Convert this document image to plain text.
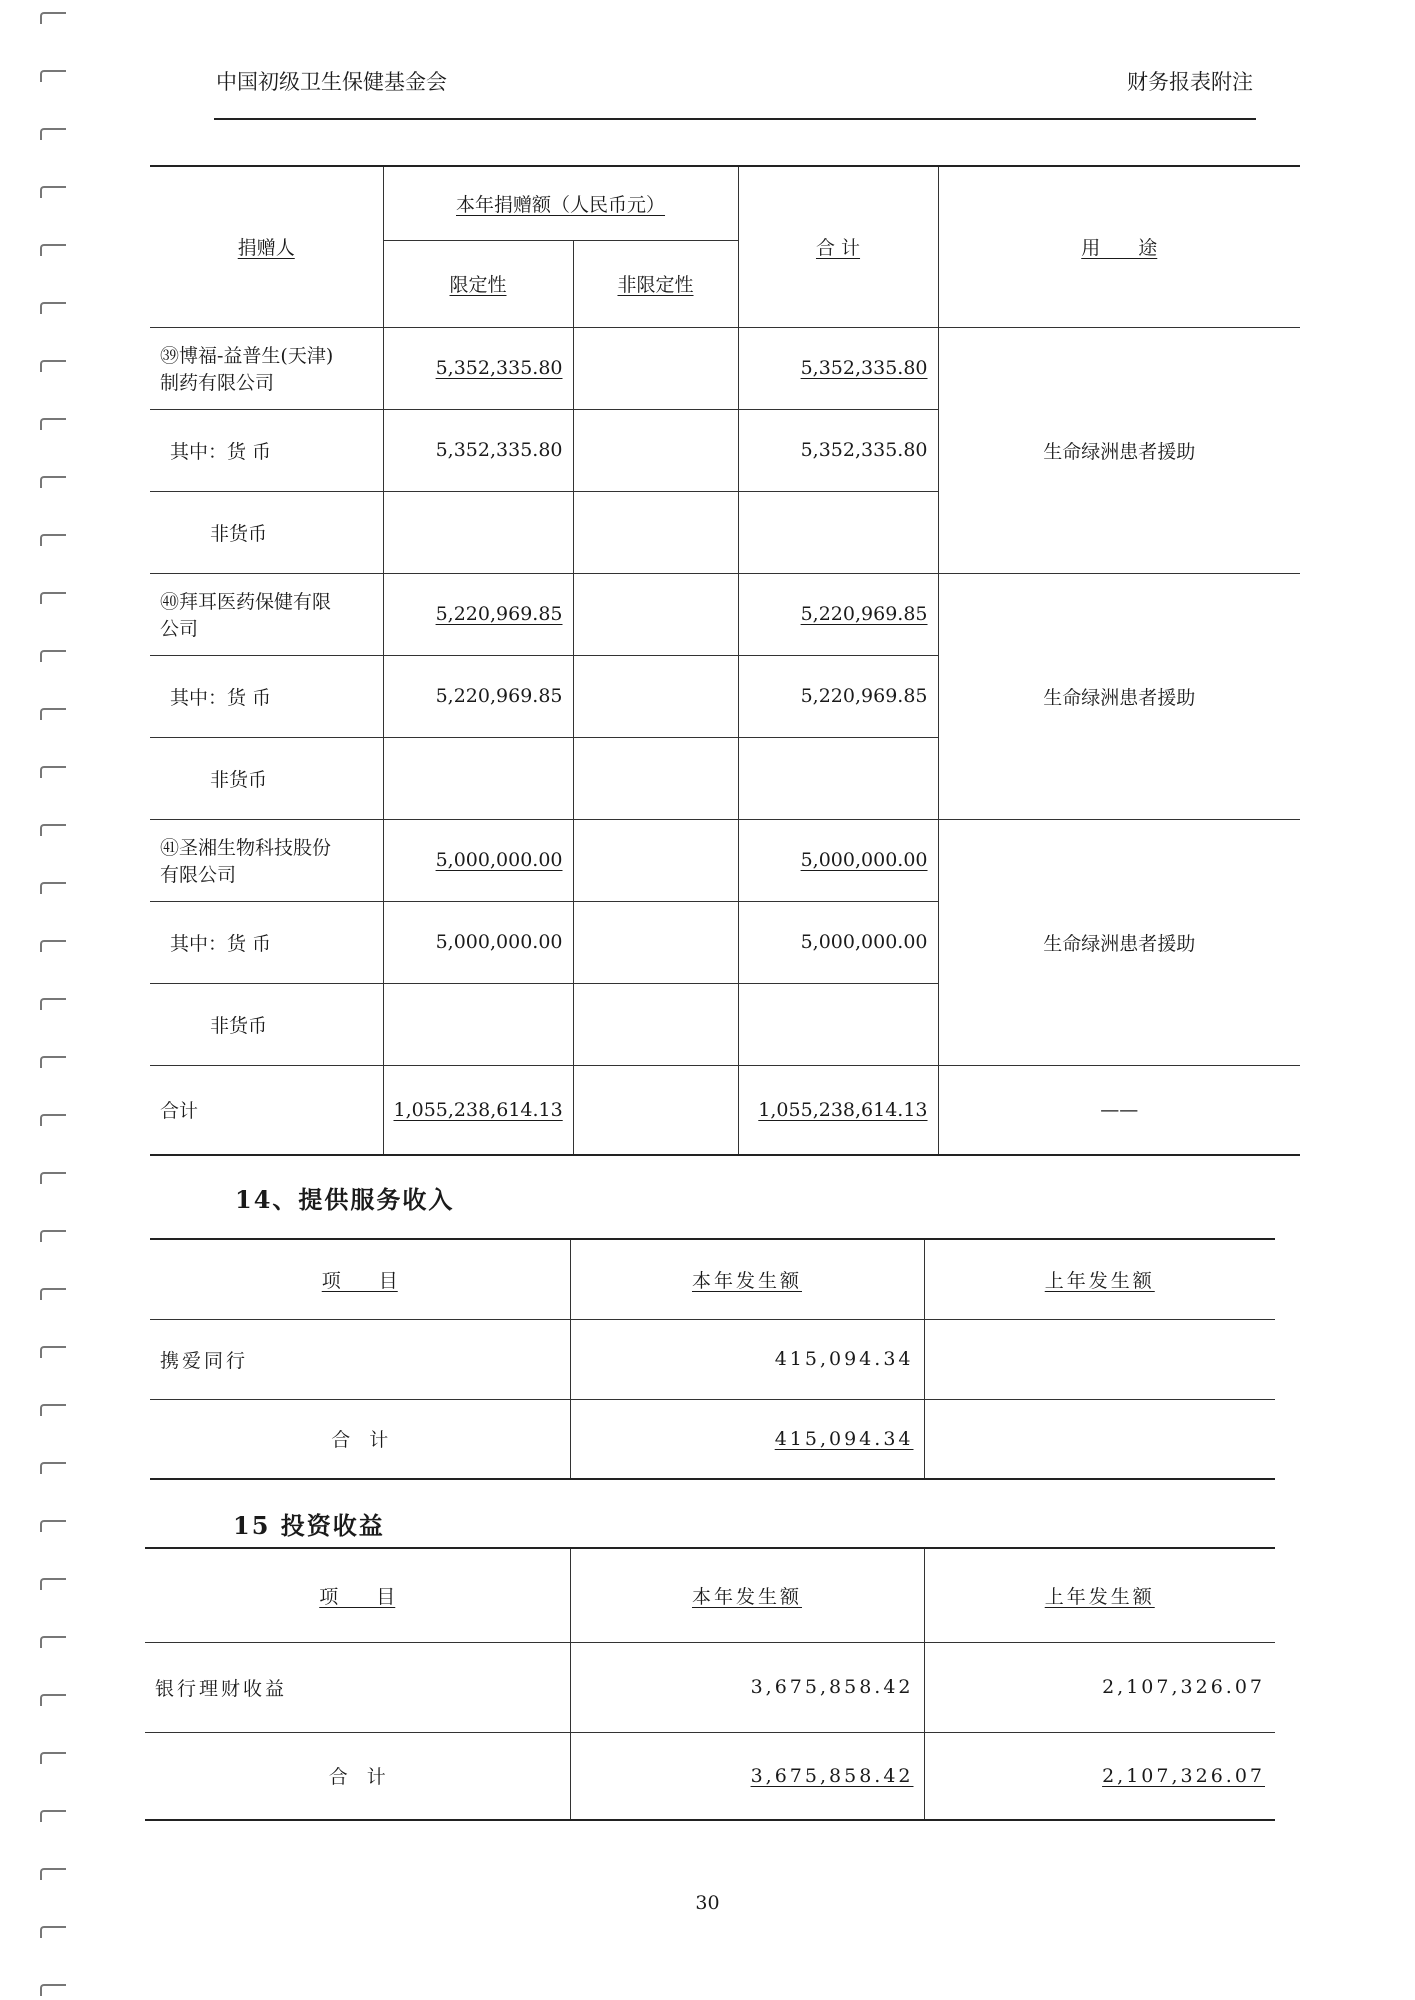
中国初级卫生保健基金会	财务报表附注
捐赠人	本年捐赠额（人民币元）		合 计	用　　途
	限定性	非限定性		
㊴博福-益普生(天津)
制药有限公司	5,352,335.80		5,352,335.80	生命绿洲患者援助
其中：货 币	5,352,335.80		5,352,335.80	
非货币				
㊵拜耳医药保健有限
公司	5,220,969.85		5,220,969.85	生命绿洲患者援助
其中：货 币	5,220,969.85		5,220,969.85	
非货币				
㊶圣湘生物科技股份
有限公司	5,000,000.00		5,000,000.00	生命绿洲患者援助
其中：货 币	5,000,000.00		5,000,000.00	
非货币				
合计	1,055,238,614.13		1,055,238,614.13	——
14、提供服务收入
项　　目	本年发生额	上年发生额
携爱同行	415,094.34	
合　计	415,094.34	
15 投资收益
项　　目	本年发生额	上年发生额
银行理财收益	3,675,858.42	2,107,326.07
合　计	3,675,858.42	2,107,326.07
30
